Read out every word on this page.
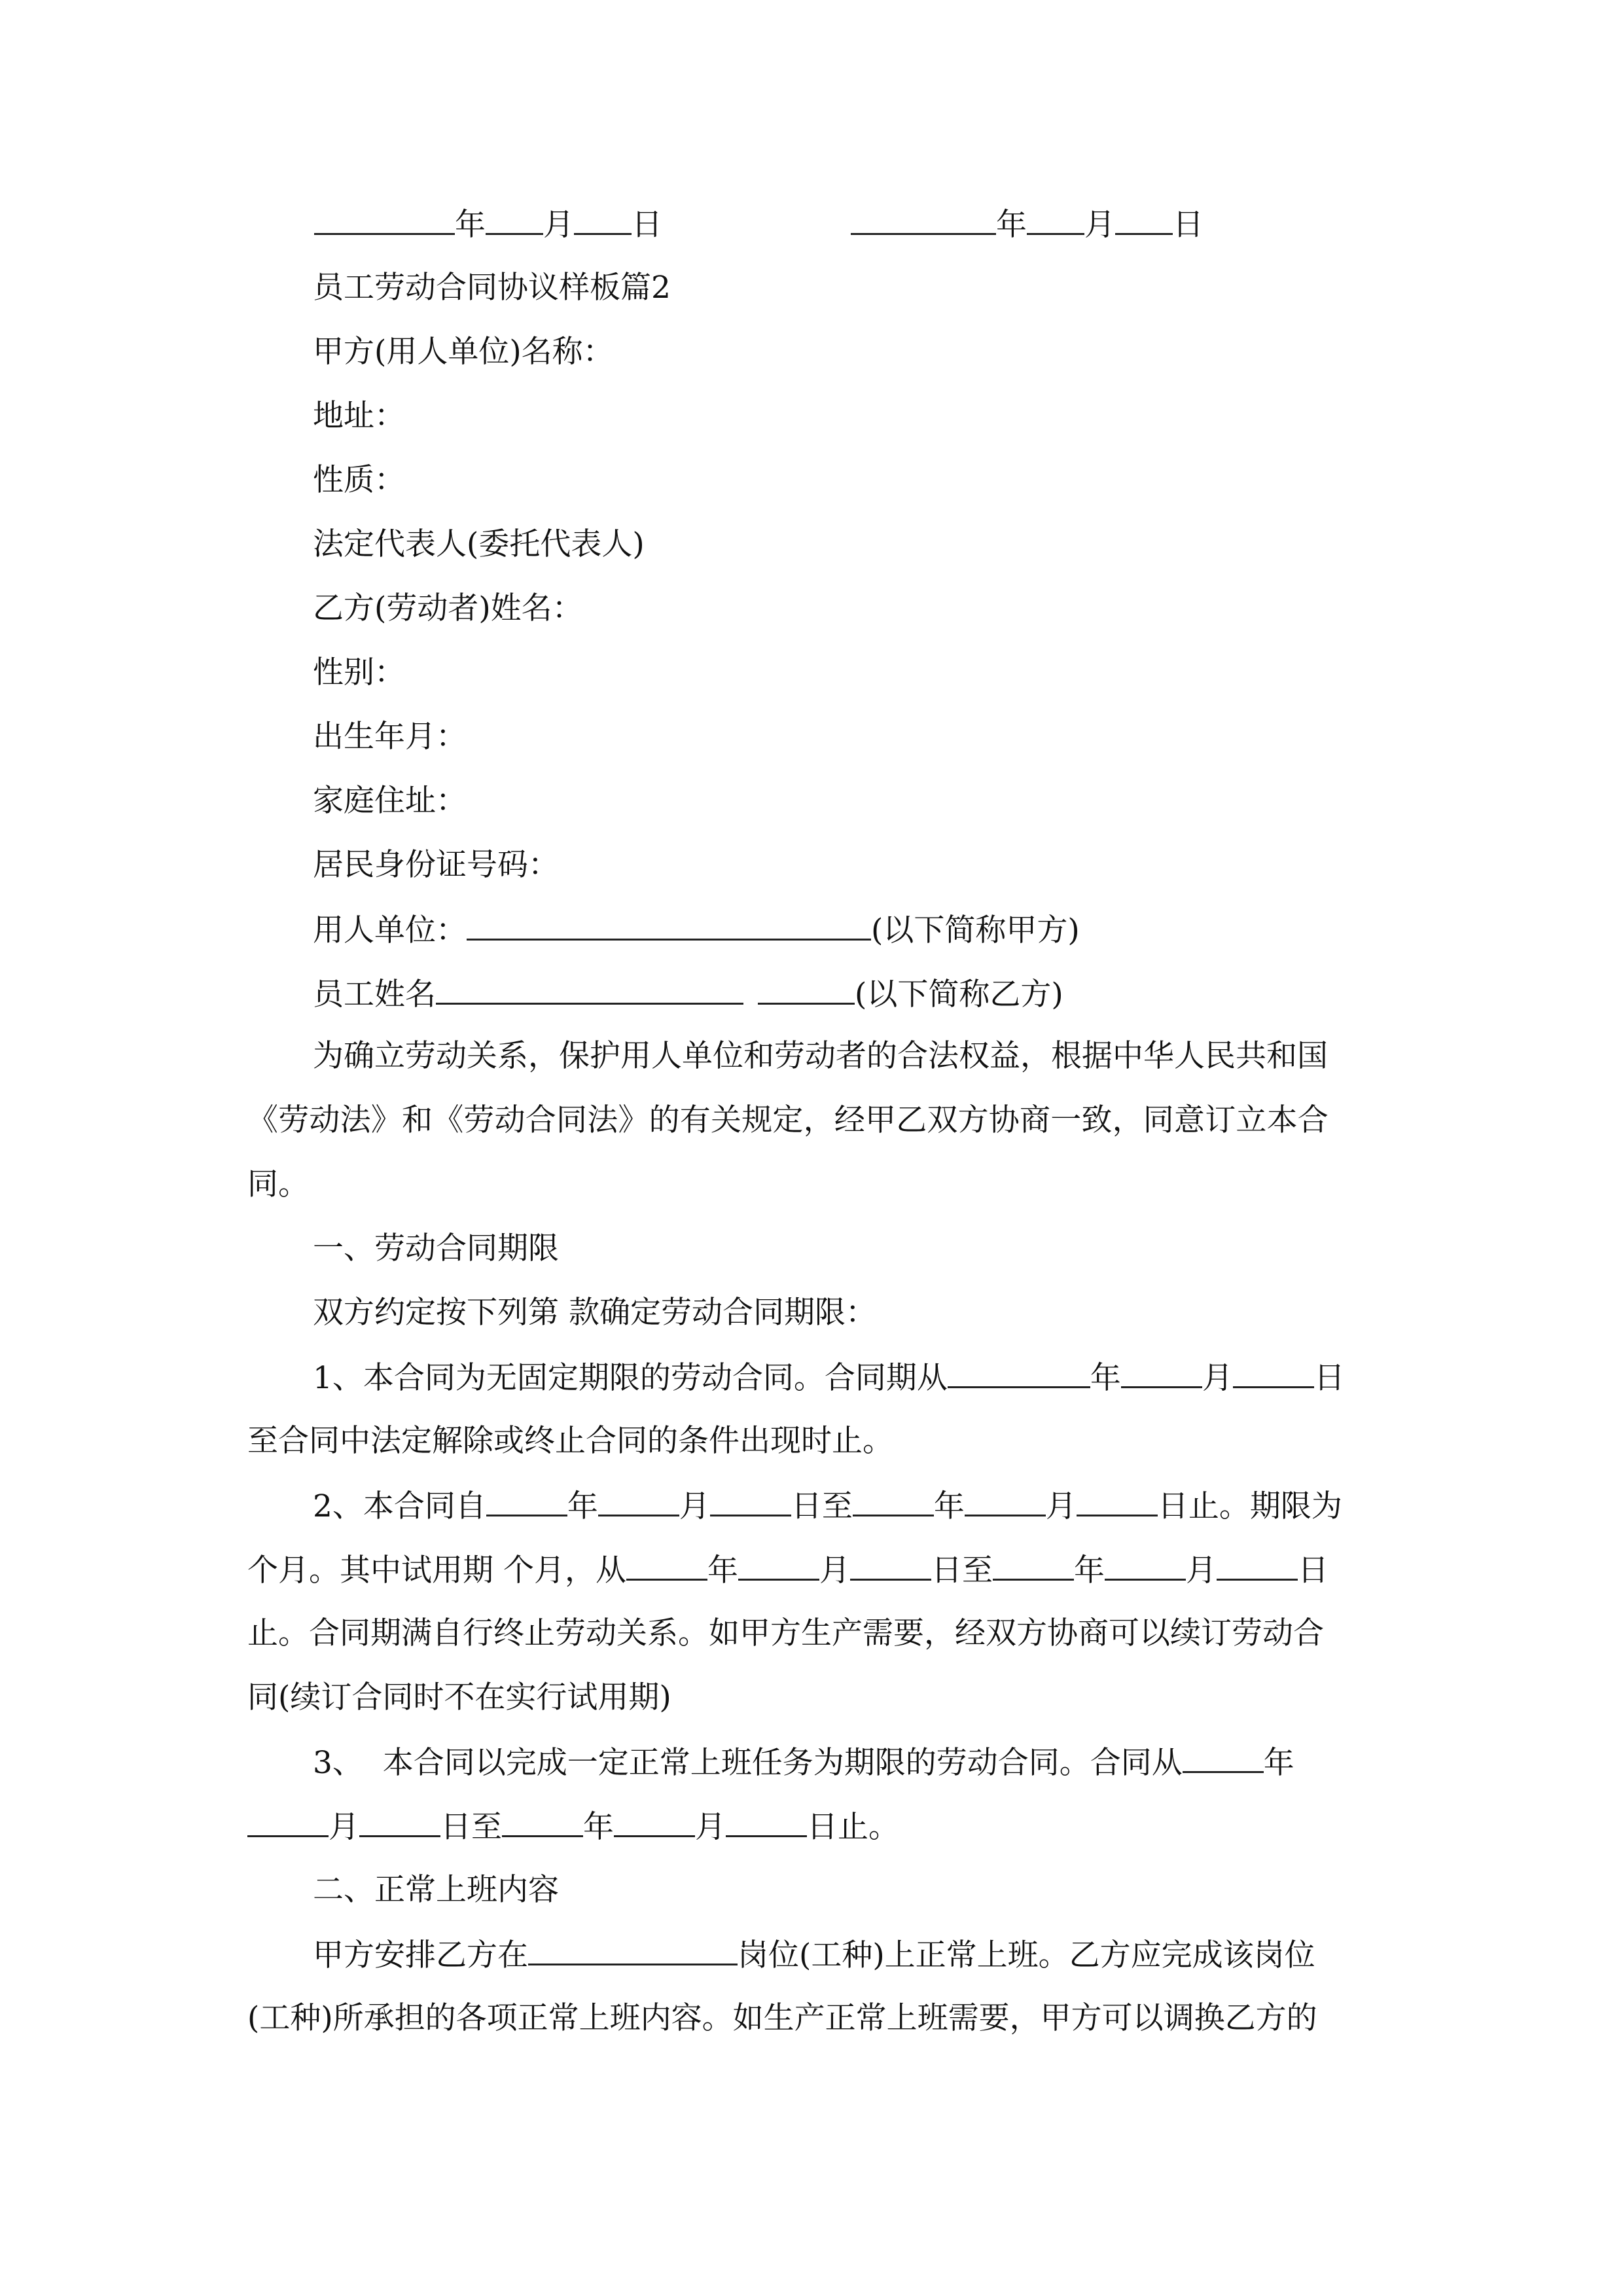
年 月 日	年 月 日
员工劳动合同协议样板篇2
甲方(用人单位)名称：
地址：
性质：
法定代表人(委托代表人)
乙方(劳动者)姓名：
性别：
出生年月：
家庭住址：
居民身份证号码：
用人单位：	(以下简称甲方)
员工姓名	(以下简称乙方)
为确立劳动关系，保护用人单位和劳动者的合法权益，根据中华人民共和国
《劳动法》和《劳动合同法》的有关规定，经甲乙双方协商一致，同意订立本合
同。
一、劳动合同期限
双方约定按下列第 款确定劳动合同期限：
1、本合同为无固定期限的劳动合同。合同期从	年	月	日
至合同中法定解除或终止合同的条件出现时止。
2、本合同自	年	月	日至	年	月	日止。期限为
个月。其中试用期 个月，从	年	月	日至	年	月	日
止。合同期满自行终止劳动关系。如甲方生产需要，经双方协商可以续订劳动合
同(续订合同时不在实行试用期)
3、  本合同以完成一定正常上班任务为期限的劳动合同。合同从	年
月	日至	年	月	日止。
二、正常上班内容
甲方安排乙方在	岗位(工种)上正常上班。乙方应完成该岗位
(工种)所承担的各项正常上班内容。如生产正常上班需要，甲方可以调换乙方的
